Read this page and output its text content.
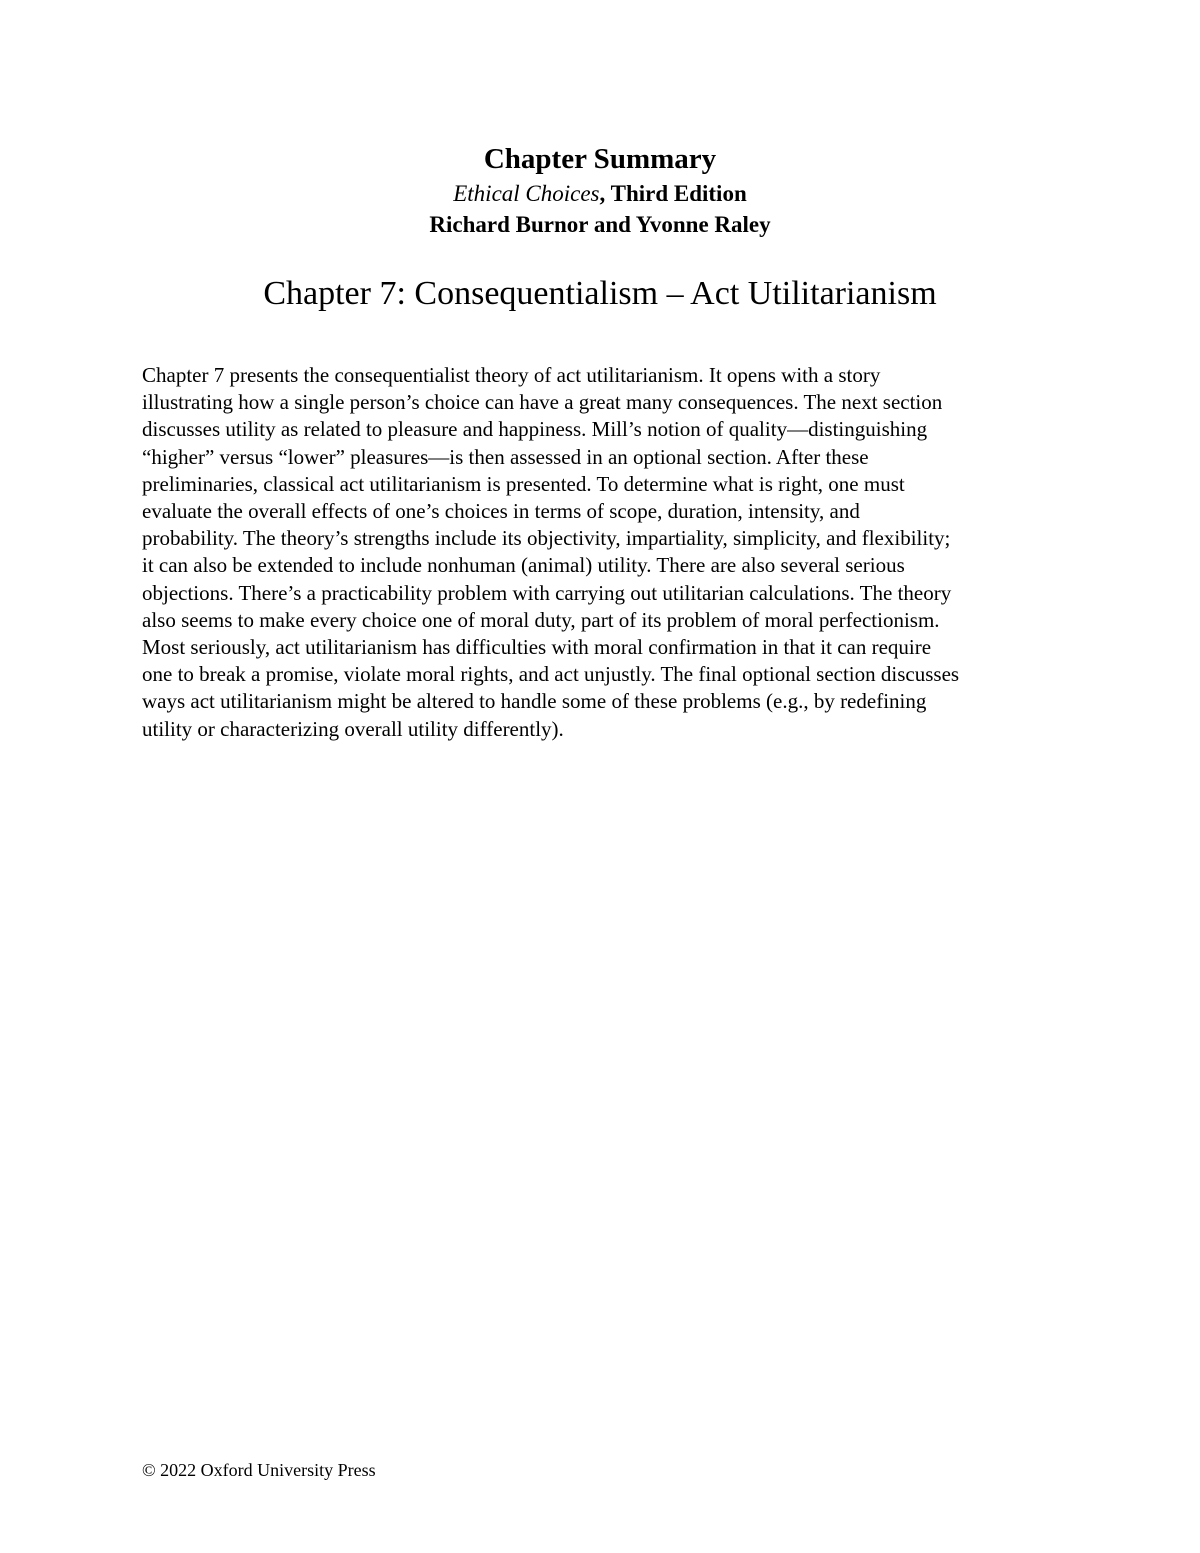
Chapter Summary

Ethical Choices, Third Edition

Richard Burnor and Yvonne Raley

Chapter 7: Consequentialism – Act Utilitarianism

Chapter 7 presents the consequentialist theory of act utilitarianism. It opens with a story
illustrating how a single person’s choice can have a great many consequences. The next section
discusses utility as related to pleasure and happiness. Mill’s notion of quality—distinguishing
“higher” versus “lower” pleasures—is then assessed in an optional section. After these
preliminaries, classical act utilitarianism is presented. To determine what is right, one must
evaluate the overall effects of one’s choices in terms of scope, duration, intensity, and
probability. The theory’s strengths include its objectivity, impartiality, simplicity, and flexibility;
it can also be extended to include nonhuman (animal) utility. There are also several serious
objections. There’s a practicability problem with carrying out utilitarian calculations. The theory
also seems to make every choice one of moral duty, part of its problem of moral perfectionism.
Most seriously, act utilitarianism has difficulties with moral confirmation in that it can require
one to break a promise, violate moral rights, and act unjustly. The final optional section discusses
ways act utilitarianism might be altered to handle some of these problems (e.g., by redefining
utility or characterizing overall utility differently).

© 2022 Oxford University Press
